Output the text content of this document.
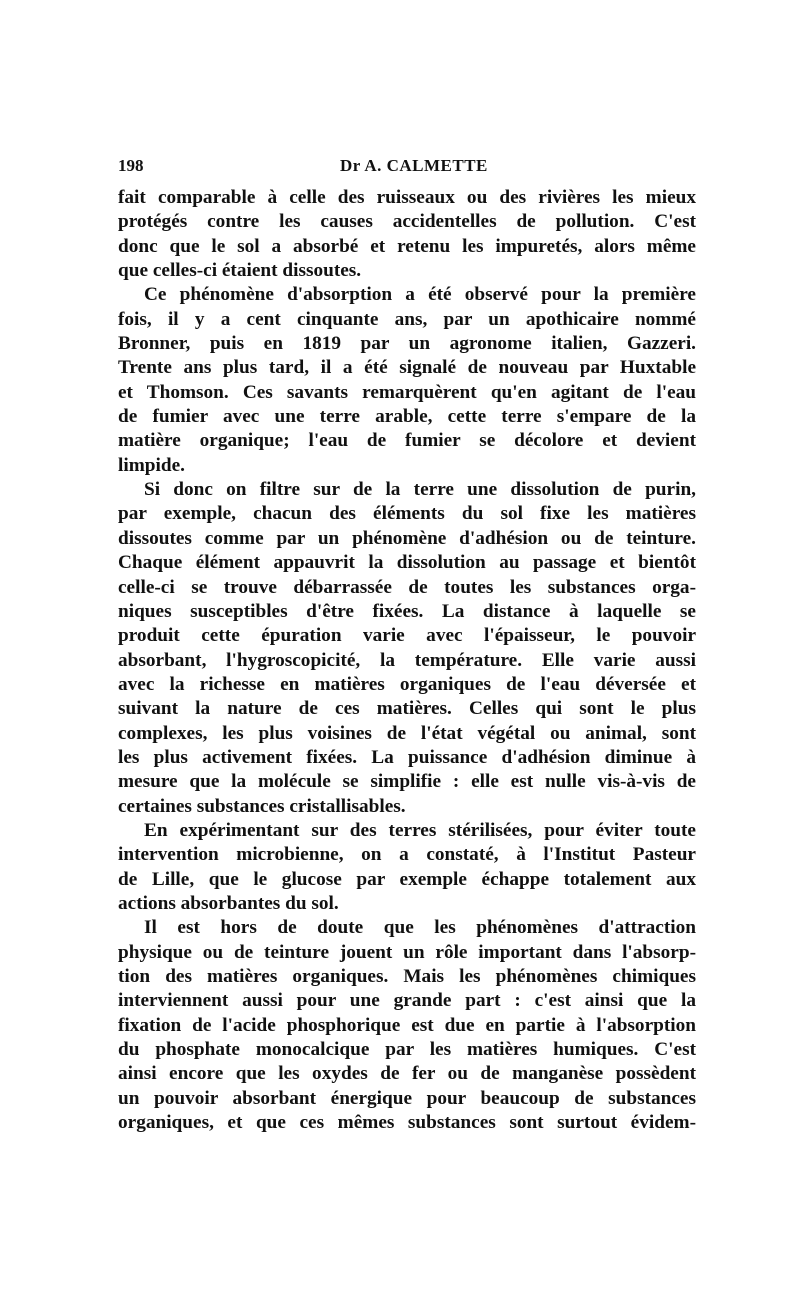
198	Dr A. CALMETTE
fait comparable à celle des ruisseaux ou des rivières les mieux
protégés contre les causes accidentelles de pollution. C'est
donc que le sol a absorbé et retenu les impuretés, alors même
que celles-ci étaient dissoutes.
Ce phénomène d'absorption a été observé pour la première
fois, il y a cent cinquante ans, par un apothicaire nommé
Bronner, puis en 1819 par un agronome italien, Gazzeri.
Trente ans plus tard, il a été signalé de nouveau par Huxtable
et Thomson. Ces savants remarquèrent qu'en agitant de l'eau
de fumier avec une terre arable, cette terre s'empare de la
matière organique; l'eau de fumier se décolore et devient
limpide.
Si donc on filtre sur de la terre une dissolution de purin,
par exemple, chacun des éléments du sol fixe les matières
dissoutes comme par un phénomène d'adhésion ou de teinture.
Chaque élément appauvrit la dissolution au passage et bientôt
celle-ci se trouve débarrassée de toutes les substances orga-
niques susceptibles d'être fixées. La distance à laquelle se
produit cette épuration varie avec l'épaisseur, le pouvoir
absorbant, l'hygroscopicité, la température. Elle varie aussi
avec la richesse en matières organiques de l'eau déversée et
suivant la nature de ces matières. Celles qui sont le plus
complexes, les plus voisines de l'état végétal ou animal, sont
les plus activement fixées. La puissance d'adhésion diminue à
mesure que la molécule se simplifie : elle est nulle vis-à-vis de
certaines substances cristallisables.
En expérimentant sur des terres stérilisées, pour éviter toute
intervention microbienne, on a constaté, à l'Institut Pasteur
de Lille, que le glucose par exemple échappe totalement aux
actions absorbantes du sol.
Il est hors de doute que les phénomènes d'attraction
physique ou de teinture jouent un rôle important dans l'absorp-
tion des matières organiques. Mais les phénomènes chimiques
interviennent aussi pour une grande part : c'est ainsi que la
fixation de l'acide phosphorique est due en partie à l'absorption
du phosphate monocalcique par les matières humiques. C'est
ainsi encore que les oxydes de fer ou de manganèse possèdent
un pouvoir absorbant énergique pour beaucoup de substances
organiques, et que ces mêmes substances sont surtout évidem-
